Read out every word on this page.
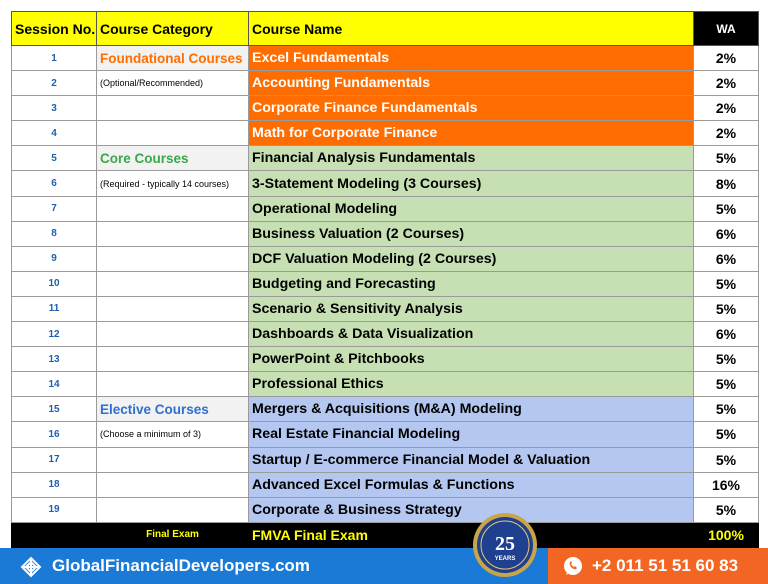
Session No.	Course Category	Course Name	WA
1	Foundational Courses	Excel Fundamentals	2%
2	(Optional/Recommended)	Accounting Fundamentals	2%
3		Corporate Finance Fundamentals	2%
4		Math for Corporate Finance	2%
5	Core Courses	Financial Analysis Fundamentals	5%
6	(Required - typically 14 courses)	3-Statement Modeling (3 Courses)	8%
7		Operational Modeling	5%
8		Business Valuation (2 Courses)	6%
9		DCF Valuation Modeling (2 Courses)	6%
10		Budgeting and Forecasting	5%
11		Scenario & Sensitivity Analysis	5%
12		Dashboards & Data Visualization	6%
13		PowerPoint & Pitchbooks	5%
14		Professional Ethics	5%
15	Elective Courses	Mergers & Acquisitions (M&A) Modeling	5%
16	(Choose a minimum of 3)	Real Estate Financial Modeling	5%
17		Startup / E-commerce Financial Model & Valuation	5%
18		Advanced Excel Formulas & Functions	16%
19		Corporate & Business Strategy	5%
	Final Exam	FMVA Final Exam	100%
GlobalFinancialDevelopers.com	+2 011 51 51 60 83
25
YEARS
